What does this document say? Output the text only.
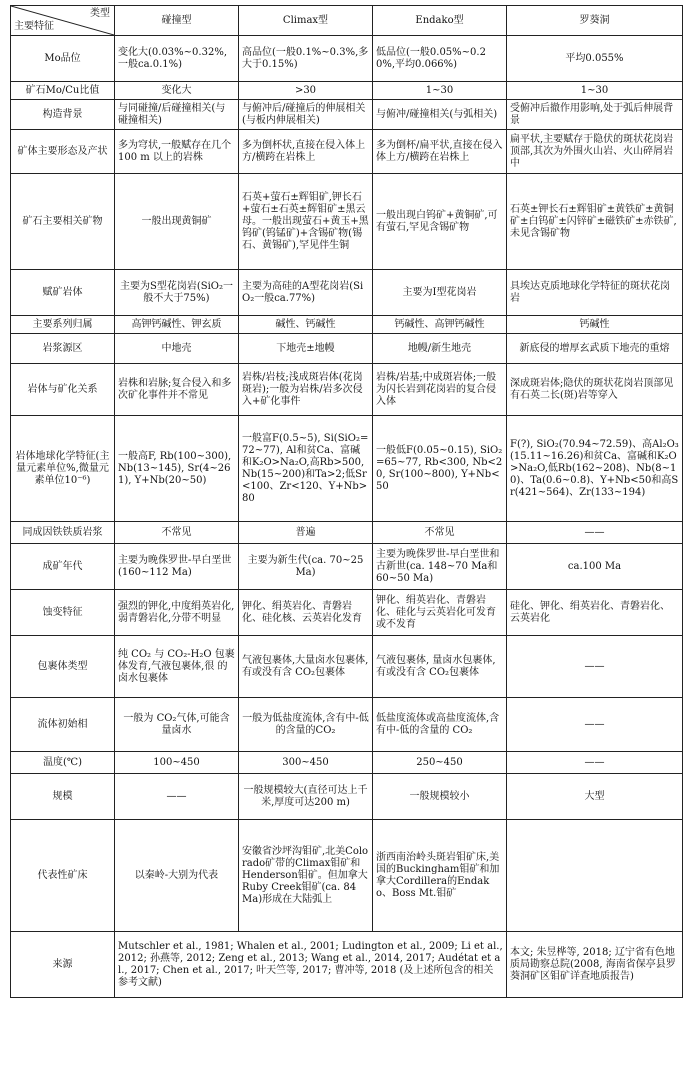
类型
主要特征	碰撞型	Climax型	Endako型	罗葵洞
Mo品位	变化大(0.03%~0.32%,一般ca.0.1%)	高品位(一般0.1%~0.3%,多大于0.15%)	低品位(一般0.05%~0.20%,平均0.066%)	平均0.055%
矿石Mo/Cu比值	变化大	>30	1~30	1~30
构造背景	与同碰撞/后碰撞相关(与碰撞相关)	与俯冲后/碰撞后的伸展相关(与板内伸展相关)	与俯冲/碰撞相关(与弧相关)	受俯冲后撤作用影响,处于弧后伸展背景
矿体主要形态及产状	多为穹状,一般赋存在几个100 m 以上的岩株	多为倒杯状,直接在侵入体上方/横跨在岩株上	多为倒杯/扁平状,直接在侵入体上方/横跨在岩株上	扁平状,主要赋存于隐伏的斑状花岗岩顶部,其次为外围火山岩、火山碎屑岩中
矿石主要相关矿物	一般出现黄铜矿	石英+萤石±辉钼矿,钾长石+萤石±石英±辉钼矿±黑云母。一般出现萤石+黄玉+黑钨矿(钨锰矿)+含锡矿物(锡石、黄锡矿),罕见伴生铜	一般出现白钨矿+黄铜矿,可有萤石,罕见含锡矿物	石英±钾长石±辉钼矿±黄铁矿±黄铜矿±白钨矿±闪锌矿±磁铁矿±赤铁矿,未见含锡矿物
赋矿岩体	主要为S型花岗岩(SiO₂一般不大于75%)	主要为高硅的A型花岗岩(SiO₂一般ca.77%)	主要为I型花岗岩	具埃达克质地球化学特征的斑状花岗岩
主要系列归属	高钾钙碱性、钾玄质	碱性、钙碱性	钙碱性、高钾钙碱性	钙碱性
岩浆源区	中地壳	下地壳±地幔	地幔/新生地壳	新底侵的增厚玄武质下地壳的重熔
岩体与矿化关系	岩株和岩脉;复合侵入和多次矿化事件并不常见	岩株/岩枝;浅成斑岩体(花岗斑岩);一般为岩株/岩多次侵入+矿化事件	岩株/岩基;中成斑岩体;一般为闪长岩到花岗岩的复合侵入体	深成斑岩体;隐伏的斑状花岗岩顶部见有石英二长(斑)岩等穿入
岩体地球化学特征(主量元素单位%,微量元素单位10⁻⁶)	一般高F, Rb(100~300), Nb(13~145), Sr(4~261), Y+Nb(20~50)	一般富F(0.5~5), Si(SiO₂=72~77), Al和贫Ca、富碱和K₂O>Na₂O,高Rb>500,Nb(15~200)和Ta>2;低Sr<100、Zr<120、Y+Nb>80	一般低F(0.05~0.15), SiO₂=65~77, Rb<300, Nb<20, Sr(100~800), Y+Nb<50	F(?), SiO₂(70.94~72.59)、高Al₂O₃(15.11~16.26)和贫Ca、富碱和K₂O>Na₂O,低Rb(162~208)、Nb(8~10)、Ta(0.6~0.8)、Y+Nb<50和高Sr(421~564)、Zr(133~194)
同成因铁铁质岩浆	不常见	普遍	不常见	——
成矿年代	主要为晚侏罗世-早白垩世(160~112 Ma)	主要为新生代(ca. 70~25 Ma)	主要为晚侏罗世-早白垩世和古新世(ca. 148~70 Ma和60~50 Ma)	ca.100 Ma
蚀变特征	强烈的钾化,中度绢英岩化,弱青磐岩化,分带不明显	钾化、绢英岩化、青磐岩化、硅化核、云英岩化发育	钾化、绢英岩化、青磐岩化、硅化与云英岩化可发育或不发育	硅化、钾化、绢英岩化、青磐岩化、云英岩化
包裹体类型	纯 CO₂ 与 CO₂-H₂O 包裹体发育,气液包裹体,很 的卤水包裹体	气液包裹体,大量卤水包裹体,有或没有含 CO₂包裹体	气液包裹体, 量卤水包裹体,有或没有含 CO₂包裹体	——
流体初始相	一般为 CO₂气体,可能含 量卤水	一般为低盐度流体,含有中-低的含量的CO₂	低盐度流体或高盐度流体,含有中-低的含量的 CO₂	——
温度(℃)	100~450	300~450	250~450	——
规模	——	一般规模较大(直径可达上千米,厚度可达200 m)	一般规模较小	大型
代表性矿床	以秦岭-大别为代表	安徽省沙坪沟钼矿,北美Colorado矿带的Climax钼矿和Henderson钼矿。但加拿大Ruby Creek钼矿(ca. 84 Ma)形成在大陆弧上	浙西南治岭头斑岩钼矿床,美国的Buckingham钼矿和加拿大Cordillera的Endako、Boss Mt.钼矿	
来源	Mutschler et al., 1981; Whalen et al., 2001; Ludington et al., 2009; Li et al., 2012; 孙燕等, 2012; Zeng et al., 2013; Wang et al., 2014, 2017; Audétat et al., 2017; Chen et al., 2017; 叶天竺等, 2017; 曹冲等, 2018 (及上述所包含的相关参考文献)			本文; 朱昱桦等, 2018; 辽宁省有色地质局勘察总院(2008, 海南省保亭县罗葵洞矿区钼矿详查地质报告)
